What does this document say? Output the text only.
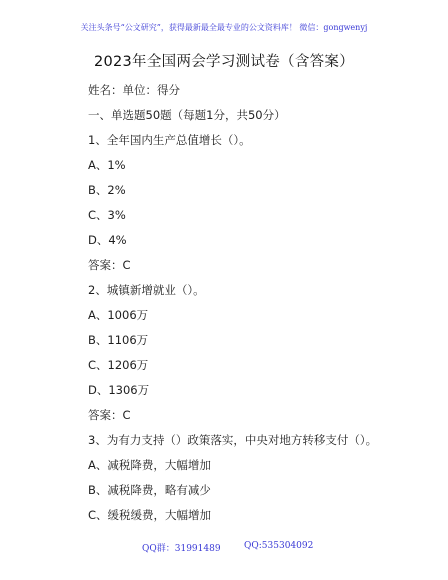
关注头条号“公文研究”，获得最新最全最专业的公文资料库！ 微信：gongwenyj
2023年全国两会学习测试卷（含答案）
姓名：单位：得分
一、单选题50题（每题1分，共50分）
1、全年国内生产总值增长（）。
A、1%
B、2%
C、3%
D、4%
答案：C
2、城镇新增就业（）。
A、1006万
B、1106万
C、1206万
D、1306万
答案：C
3、为有力支持（）政策落实，中央对地方转移支付（）。
A、减税降费，大幅增加
B、减税降费，略有减少
C、缓税缓费，大幅增加
QQ群：31991489	QQ:535304092
